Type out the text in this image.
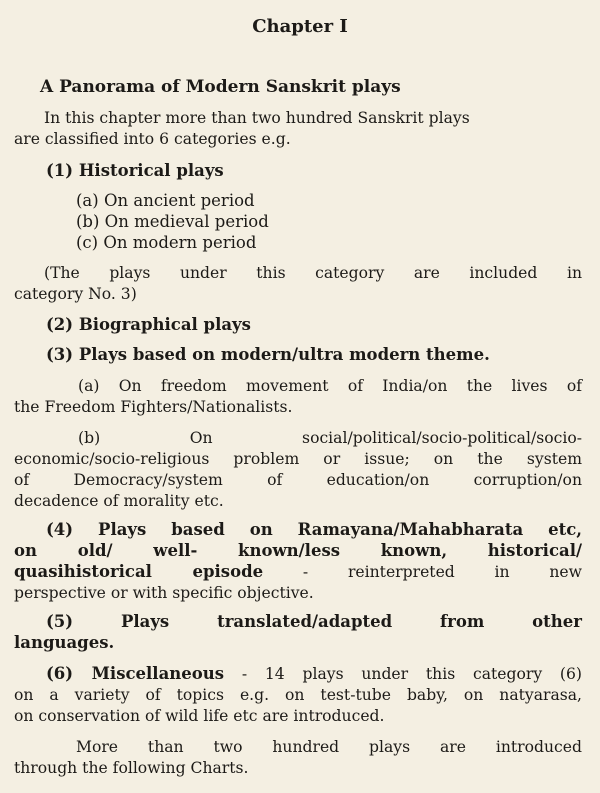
Chapter I
A Panorama of Modern Sanskrit plays

In this chapter more than two hundred Sanskrit plays

are classified into 6 categories e.g.

(1) Historical plays

(a) On ancient period

(b) On medieval period

(c) On modern period

(The plays under this category are included in

category No. 3)

(2) Biographical plays

(3) Plays based on modern/ultra modern theme.

(a) On freedom movement of India/on the lives of

the Freedom Fighters/Nationalists.

(b) On social/political/socio-political/socio-

economic/socio-religious problem or issue; on the system

of Democracy/system of education/on corruption/on

decadence of morality etc.

(4) Plays based on Ramayana/Mahabharata etc,

on old/ well- known/less known, historical/

quasihistorical episode - reinterpreted in new

perspective or with specific objective.

(5) Plays translated/adapted from other

languages.

(6) Miscellaneous - 14 plays under this category (6)

on a variety of topics e.g. on test-tube baby, on natyarasa,

on conservation of wild life etc are introduced.

More than two hundred plays are introduced

through the following Charts.
